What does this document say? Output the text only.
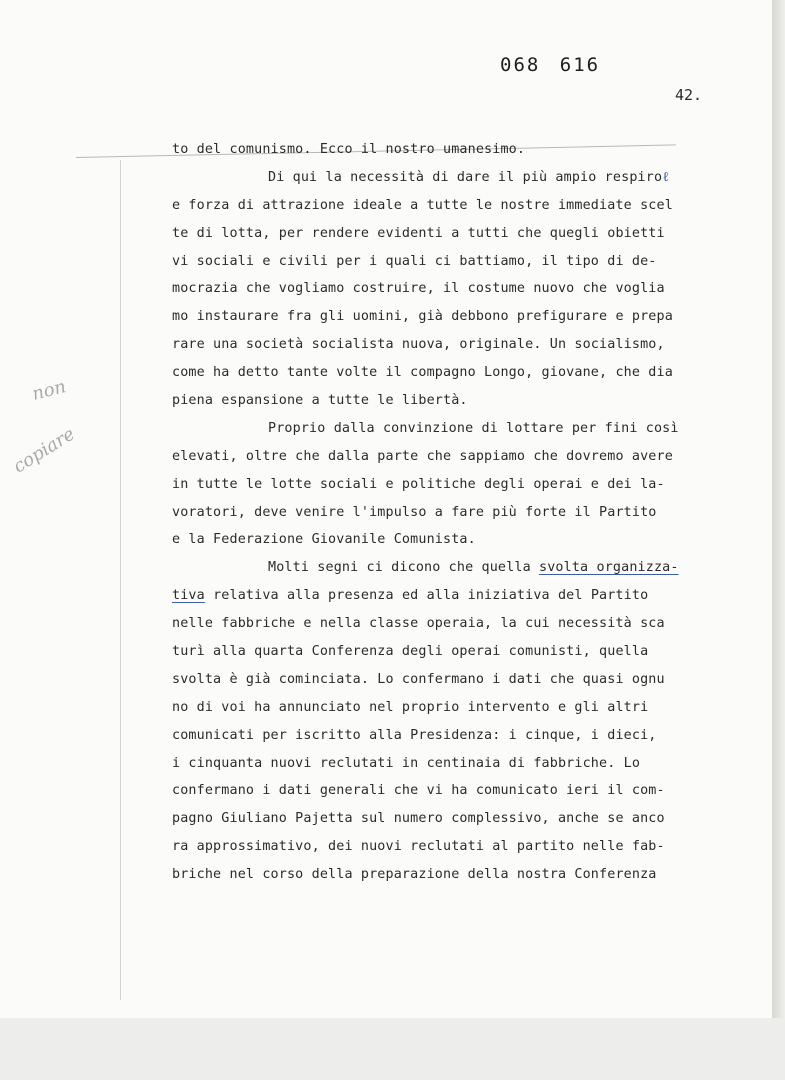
068 616
42.
non
copiare
to del comunismo. Ecco il nostro umanesimo.
Di qui la necessità di dare il più ampio respiroℓ
e forza di attrazione ideale a tutte le nostre immediate scel
te di lotta, per rendere evidenti a tutti che quegli obietti
vi sociali e civili per i quali ci battiamo, il tipo di de-
mocrazia che vogliamo costruire, il costume nuovo che voglia
mo instaurare fra gli uomini, già debbono prefigurare e prepa
rare una società socialista nuova, originale. Un socialismo,
come ha detto tante volte il compagno Longo, giovane, che dia
piena espansione a tutte le libertà.
Proprio dalla convinzione di lottare per fini così
elevati, oltre che dalla parte che sappiamo che dovremo avere
in tutte le lotte sociali e politiche degli operai e dei la-
voratori, deve venire l'impulso a fare più forte il Partito
e la Federazione Giovanile Comunista.
Molti segni ci dicono che quella svolta organizza-
tiva relativa alla presenza ed alla iniziativa del Partito
nelle fabbriche e nella classe operaia, la cui necessità sca
turì alla quarta Conferenza degli operai comunisti, quella
svolta è già cominciata. Lo confermano i dati che quasi ognu
no di voi ha annunciato nel proprio intervento e gli altri
comunicati per iscritto alla Presidenza: i cinque, i dieci,
i cinquanta nuovi reclutati in centinaia di fabbriche. Lo
confermano i dati generali che vi ha comunicato ieri il com-
pagno Giuliano Pajetta sul numero complessivo, anche se anco
ra approssimativo, dei nuovi reclutati al partito nelle fab-
briche nel corso della preparazione della nostra Conferenza
